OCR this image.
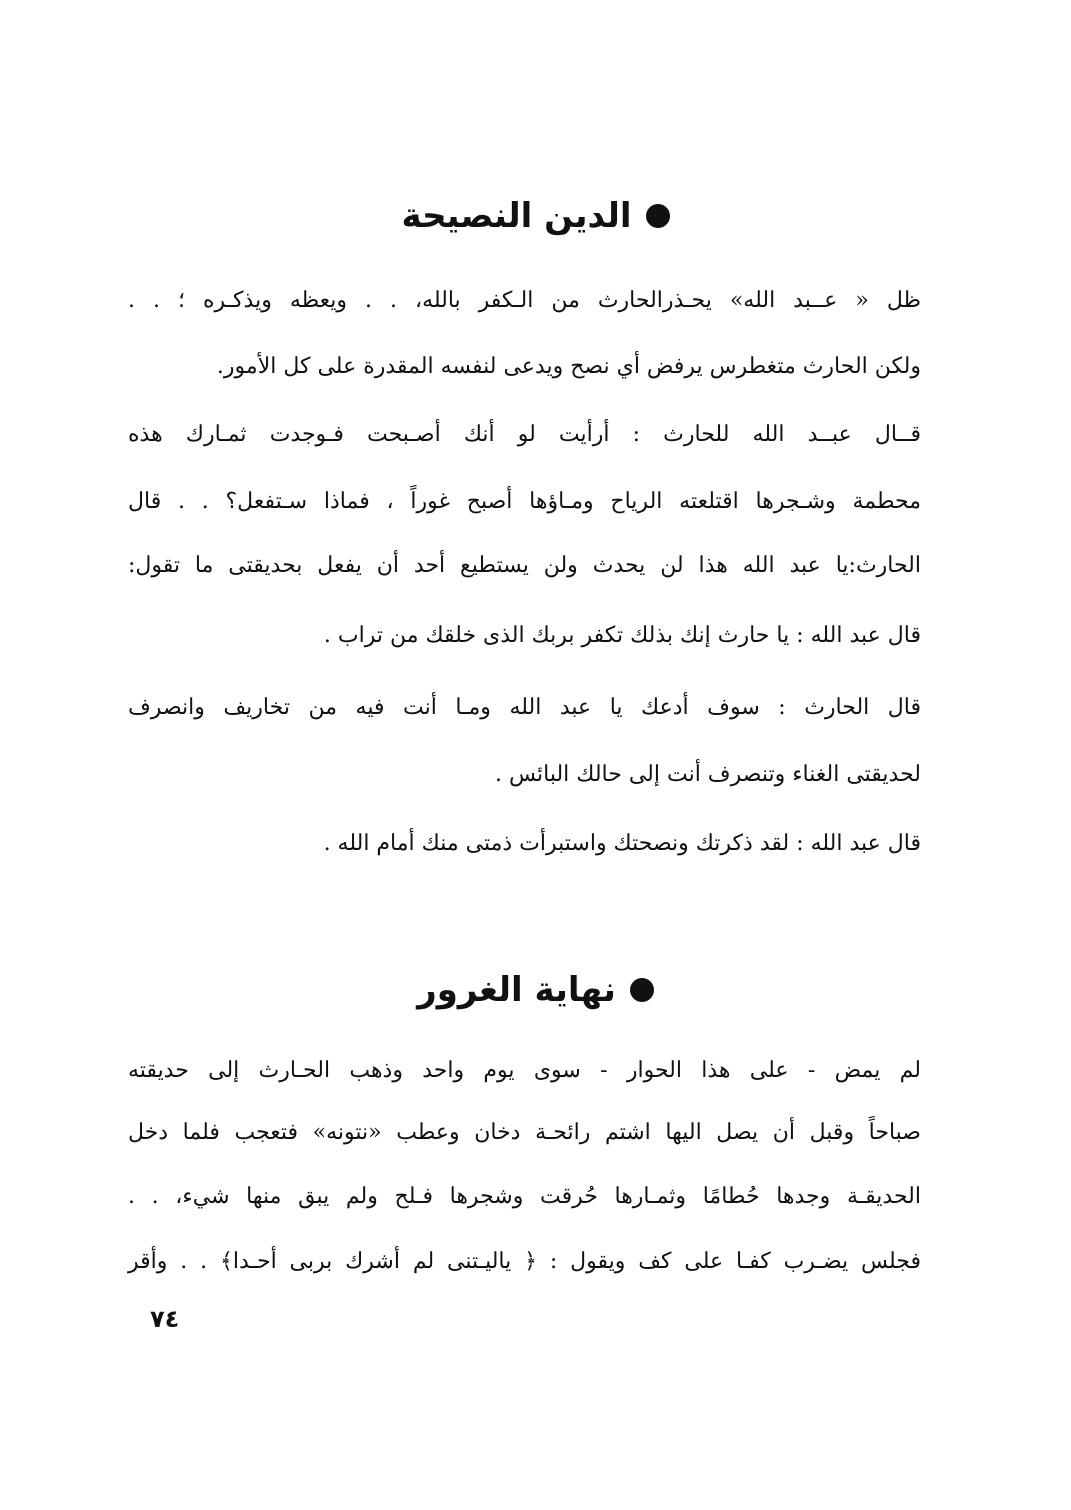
الدين النصيحة
ظل « عــبد الله» يحـذرالحارث من الـكفر بالله، . . ويعظه ويذكـره ؛ . .
ولكن الحارث متغطرس يرفض أي نصح ويدعى لنفسه المقدرة على كل الأمور.
قــال عبــد الله للحارث : أرأيت لو أنك أصـبحت فـوجدت ثمـارك هذه
محطمة وشـجرها اقتلعته الرياح ومـاؤها أصبح غوراً ، فماذا سـتفعل؟ . . قال
الحارث:يا عبد الله هذا لن يحدث ولن يستطيع أحد أن يفعل بحديقتى ما تقول:
قال عبد الله : يا حارث إنك بذلك تكفر بربك الذى خلقك من تراب .
قال الحارث : سوف أدعك يا عبد الله ومـا أنت فيه من تخاريف وانصرف
لحديقتى الغناء وتنصرف أنت إلى حالك البائس .
قال عبد الله : لقد ذكرتك ونصحتك واستبرأت ذمتى منك أمام الله .
نهاية الغرور
لم يمض - على هذا الحوار - سوى يوم واحد وذهب الحـارث إلى حديقته
صباحاً وقبل أن يصل اليها اشتم رائحـة دخان وعطب «نتونه» فتعجب فلما دخل
الحديقـة وجدها حُطامًا وثمـارها حُرقت وشجرها فـلح ولم يبق منها شيء، . .
فجلس يضـرب كفـا على كف ويقول : ﴿ ياليـتنى لم أشرك بربى أحـدا﴾ . . وأقر
٧٤
